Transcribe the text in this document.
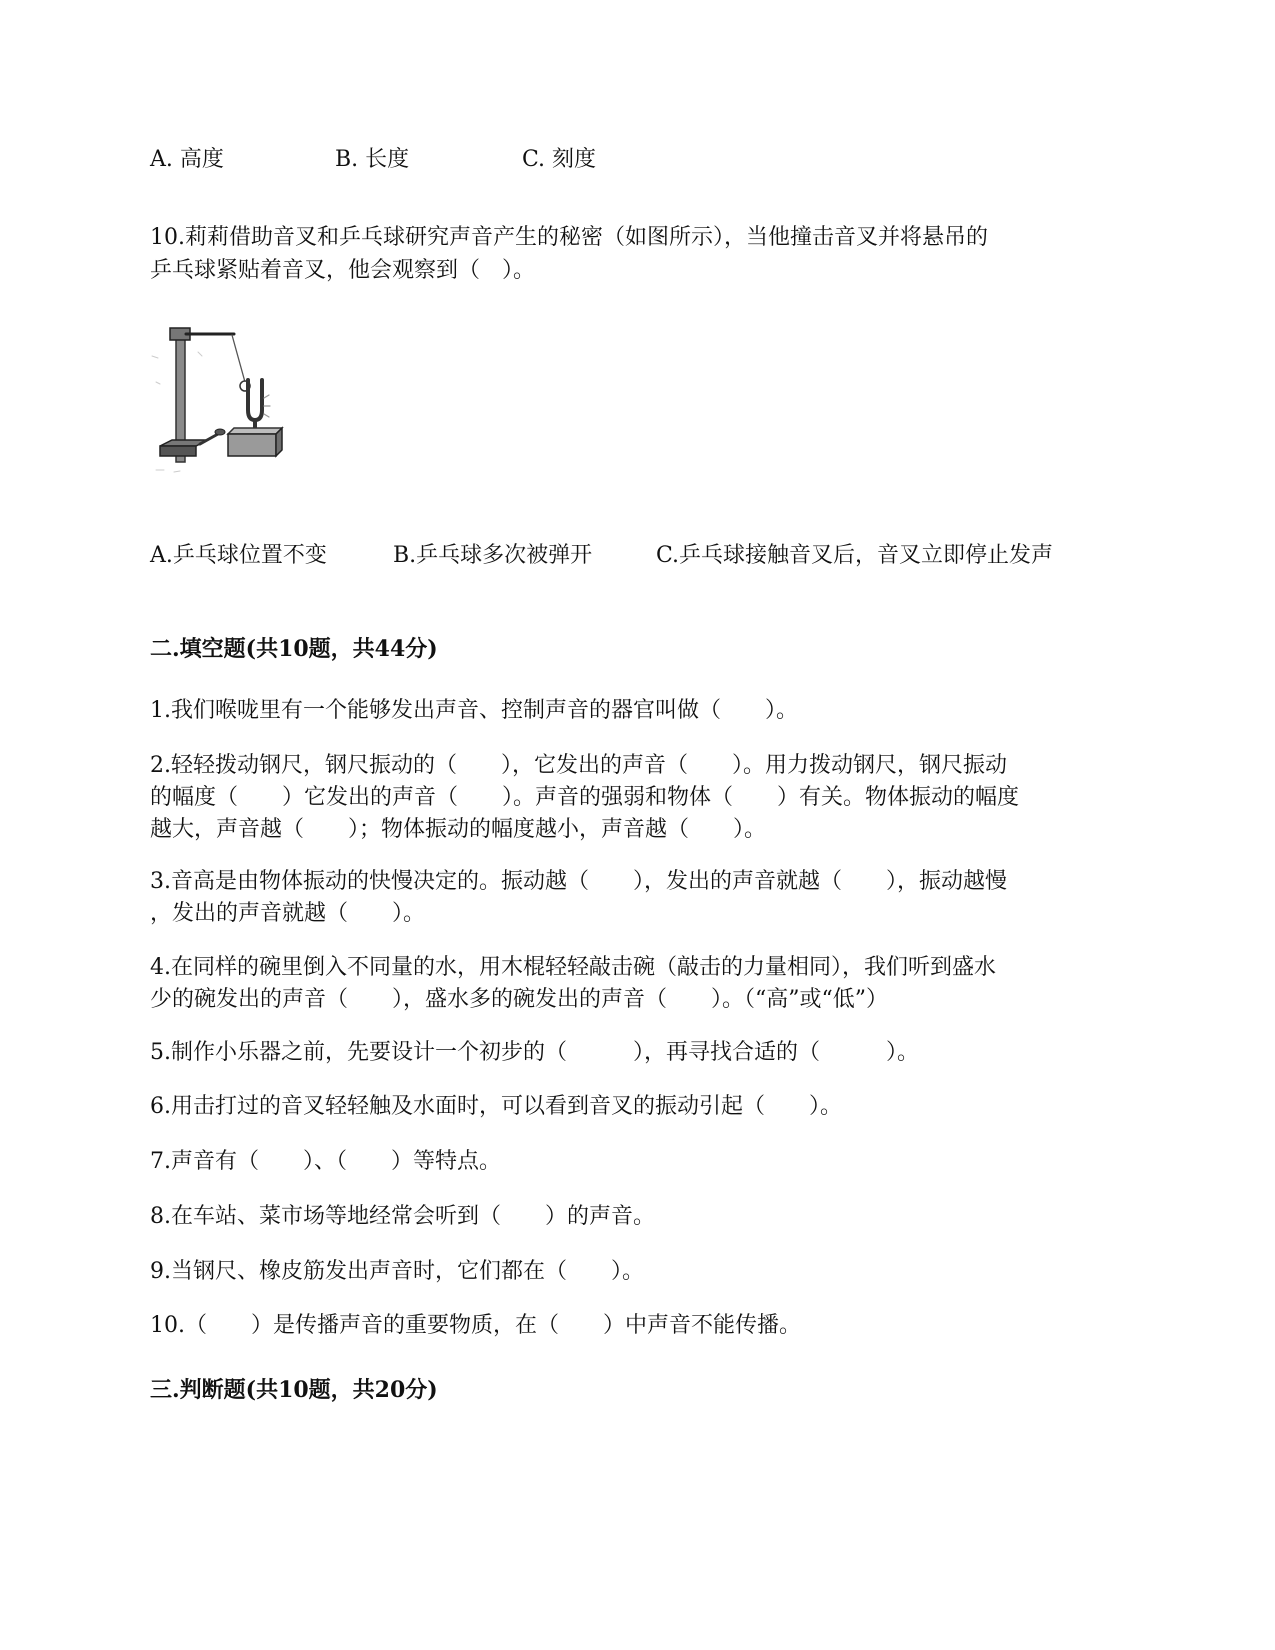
A. 高度	B. 长度	C. 刻度
10.莉莉借助音叉和乒乓球研究声音产生的秘密（如图所示），当他撞击音叉并将悬吊的
乒乓球紧贴着音叉，他会观察到（　）。
A.乒乓球位置不变	B.乒乓球多次被弹开	C.乒乓球接触音叉后，音叉立即停止发声
二.填空题(共10题，共44分)
1.我们喉咙里有一个能够发出声音、控制声音的器官叫做（　　）。
2.轻轻拨动钢尺，钢尺振动的（　　），它发出的声音（　　）。用力拨动钢尺，钢尺振动
的幅度（　　）它发出的声音（　　）。声音的强弱和物体（　　）有关。物体振动的幅度
越大，声音越（　　）；物体振动的幅度越小，声音越（　　）。
3.音高是由物体振动的快慢决定的。振动越（　　），发出的声音就越（　　），振动越慢
，发出的声音就越（　　）。
4.在同样的碗里倒入不同量的水，用木棍轻轻敲击碗（敲击的力量相同），我们听到盛水
少的碗发出的声音（　　），盛水多的碗发出的声音（　　）。（“高”或“低”）
5.制作小乐器之前，先要设计一个初步的（　　　），再寻找合适的（　　　）。
6.用击打过的音叉轻轻触及水面时，可以看到音叉的振动引起（　　）。
7.声音有（　　）、（　　）等特点。
8.在车站、菜市场等地经常会听到（　　）的声音。
9.当钢尺、橡皮筋发出声音时，它们都在（　　）。
10.（　　）是传播声音的重要物质，在（　　）中声音不能传播。
三.判断题(共10题，共20分)
